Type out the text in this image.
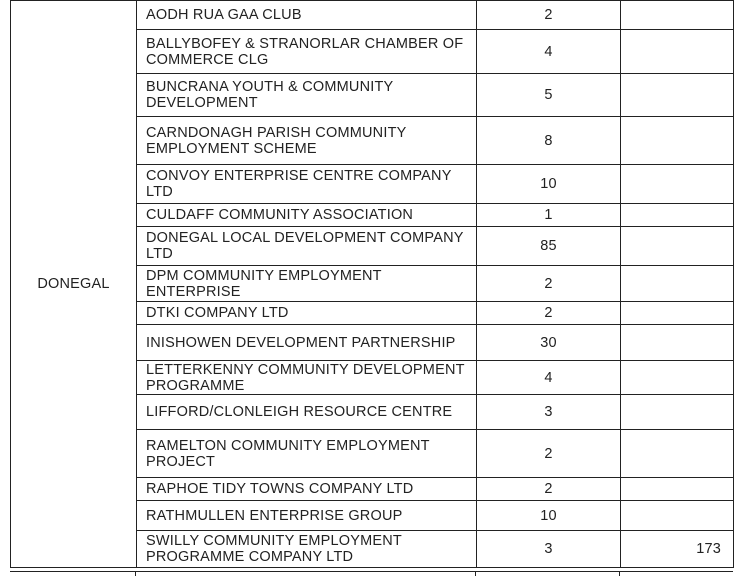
DONEGAL	AODH RUA GAA CLUB	2	
	BALLYBOFEY & STRANORLAR CHAMBER OF COMMERCE CLG	4	
	BUNCRANA YOUTH & COMMUNITY DEVELOPMENT	5	
	CARNDONAGH PARISH COMMUNITY EMPLOYMENT SCHEME	8	
	CONVOY ENTERPRISE CENTRE COMPANY LTD	10	
	CULDAFF COMMUNITY ASSOCIATION	1	
	DONEGAL LOCAL DEVELOPMENT COMPANY LTD	85	
	DPM COMMUNITY EMPLOYMENT ENTERPRISE	2	
	DTKI COMPANY LTD	2	
	INISHOWEN DEVELOPMENT PARTNERSHIP	30	
	LETTERKENNY COMMUNITY DEVELOPMENT PROGRAMME	4	
	LIFFORD/CLONLEIGH RESOURCE CENTRE	3	
	RAMELTON COMMUNITY EMPLOYMENT PROJECT	2	
	RAPHOE TIDY TOWNS COMPANY LTD	2	
	RATHMULLEN ENTERPRISE GROUP	10	
	SWILLY COMMUNITY EMPLOYMENT PROGRAMME COMPANY LTD	3	173
